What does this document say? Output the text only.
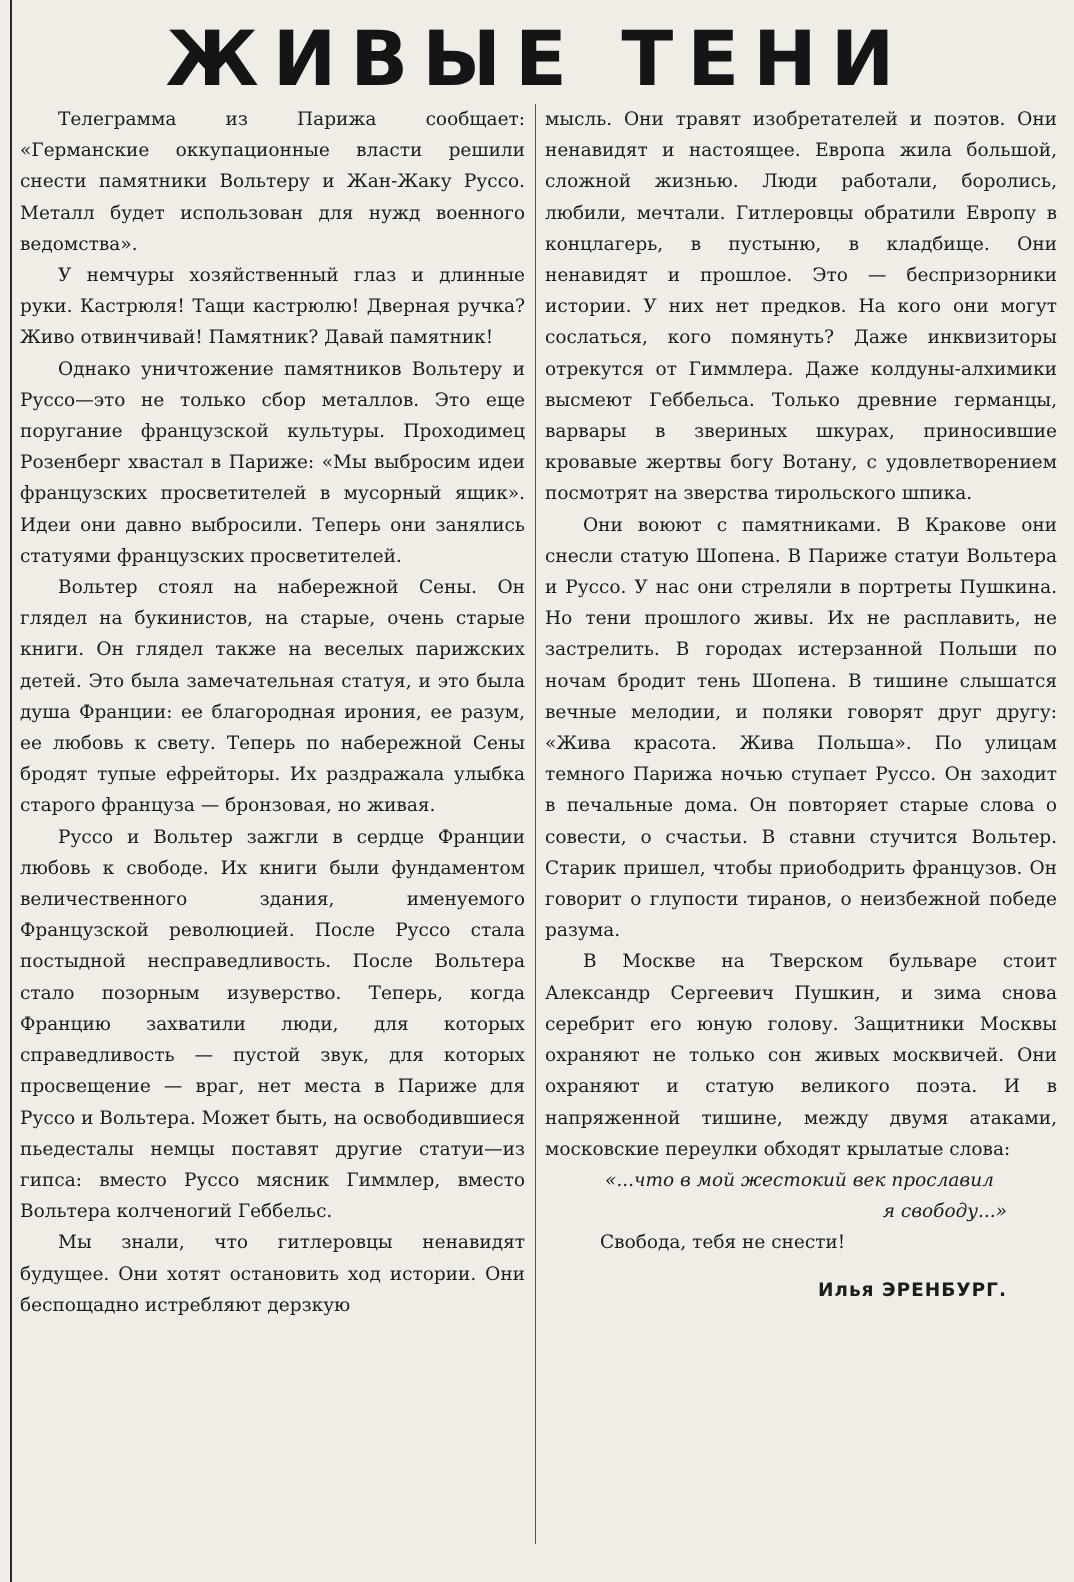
ЖИВЫЕ ТЕНИ

Телеграмма из Парижа сообщает: «Германские оккупационные власти решили снести памятники Вольтеру и Жан-Жаку Руссо. Металл будет использован для нужд военного ведомства».

У немчуры хозяйственный глаз и длинные руки. Кастрюля! Тащи кастрюлю! Дверная ручка? Живо отвинчивай! Памятник? Давай памятник!

Однако уничтожение памятников Вольтеру и Руссо—это не только сбор металлов. Это еще поругание французской культуры. Проходимец Розенберг хвастал в Париже: «Мы выбросим идеи французских просветителей в мусорный ящик». Идеи они давно выбросили. Теперь они занялись статуями французских просветителей.

Вольтер стоял на набережной Сены. Он глядел на букинистов, на старые, очень старые книги. Он глядел также на веселых парижских детей. Это была замечательная статуя, и это была душа Франции: ее благородная ирония, ее разум, ее любовь к свету. Теперь по набережной Сены бродят тупые ефрейторы. Их раздражала улыбка старого француза — бронзовая, но живая.

Руссо и Вольтер зажгли в сердце Франции любовь к свободе. Их книги были фундаментом величественного здания, именуемого Французской революцией. После Руссо стала постыдной несправедливость. После Вольтера стало позорным изуверство. Теперь, когда Францию захватили люди, для которых справедливость — пустой звук, для которых просвещение — враг, нет места в Париже для Руссо и Вольтера. Может быть, на освободившиеся пьедесталы немцы поставят другие статуи—из гипса: вместо Руссо мясник Гиммлер, вместо Вольтера колченогий Геббельс.

Мы знали, что гитлеровцы ненавидят будущее. Они хотят остановить ход истории. Они беспощадно истребляют дерзкую

мысль. Они травят изобретателей и поэтов. Они ненавидят и настоящее. Европа жила большой, сложной жизнью. Люди работали, боролись, любили, мечтали. Гитлеровцы обратили Европу в концлагерь, в пустыню, в кладбище. Они ненавидят и прошлое. Это — беспризорники истории. У них нет предков. На кого они могут сослаться, кого помянуть? Даже инквизиторы отрекутся от Гиммлера. Даже колдуны-алхимики высмеют Геббельса. Только древние германцы, варвары в звериных шкурах, приносившие кровавые жертвы богу Вотану, с удовлетворением посмотрят на зверства тирольского шпика.

Они воюют с памятниками. В Кракове они снесли статую Шопена. В Париже статуи Вольтера и Руссо. У нас они стреляли в портреты Пушкина. Но тени прошлого живы. Их не расплавить, не застрелить. В городах истерзанной Польши по ночам бродит тень Шопена. В тишине слышатся вечные мелодии, и поляки говорят друг другу: «Жива красота. Жива Польша». По улицам темного Парижа ночью ступает Руссо. Он заходит в печальные дома. Он повторяет старые слова о совести, о счастьи. В ставни стучится Вольтер. Старик пришел, чтобы приободрить французов. Он говорит о глупости тиранов, о неизбежной победе разума.

В Москве на Тверском бульваре стоит Александр Сергеевич Пушкин, и зима снова серебрит его юную голову. Защитники Москвы охраняют не только сон живых москвичей. Они охраняют и статую великого поэта. И в напряженной тишине, между двумя атаками, московские переулки обходят крылатые слова:

«...что в мой жестокий век прославил

я свободу...»

Свобода, тебя не снести!

Илья ЭРЕНБУРГ.
